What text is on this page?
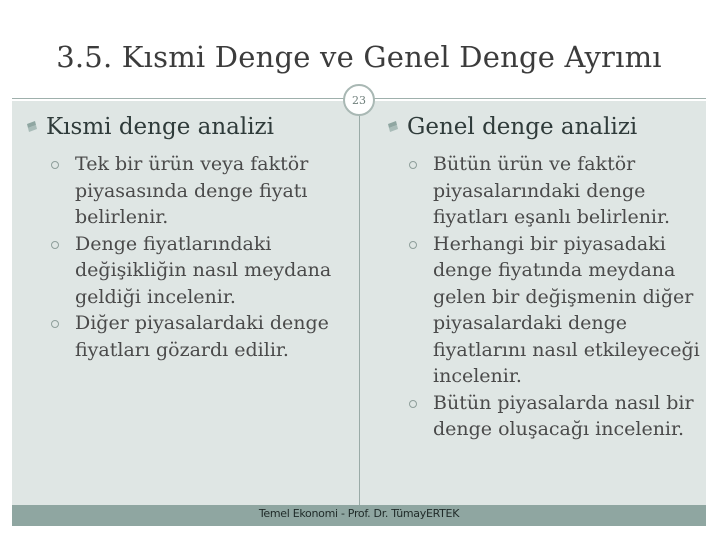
3.5. Kısmi Denge ve Genel Denge Ayrımı
23
Kısmi denge analizi
Tek bir ürün veya faktör piyasasında denge fiyatı belirlenir.
Denge fiyatlarındaki değişikliğin nasıl meydana geldiği incelenir.
Diğer piyasalardaki denge fiyatları gözardı edilir.
Genel denge analizi
Bütün ürün ve faktör piyasalarındaki denge fiyatları eşanlı belirlenir.
Herhangi bir piyasadaki denge fiyatında meydana gelen bir değişmenin diğer piyasalardaki denge fiyatlarını nasıl etkileyeceği incelenir.
Bütün piyasalarda nasıl bir denge oluşacağı incelenir.
Temel Ekonomi - Prof. Dr. TümayERTEK
